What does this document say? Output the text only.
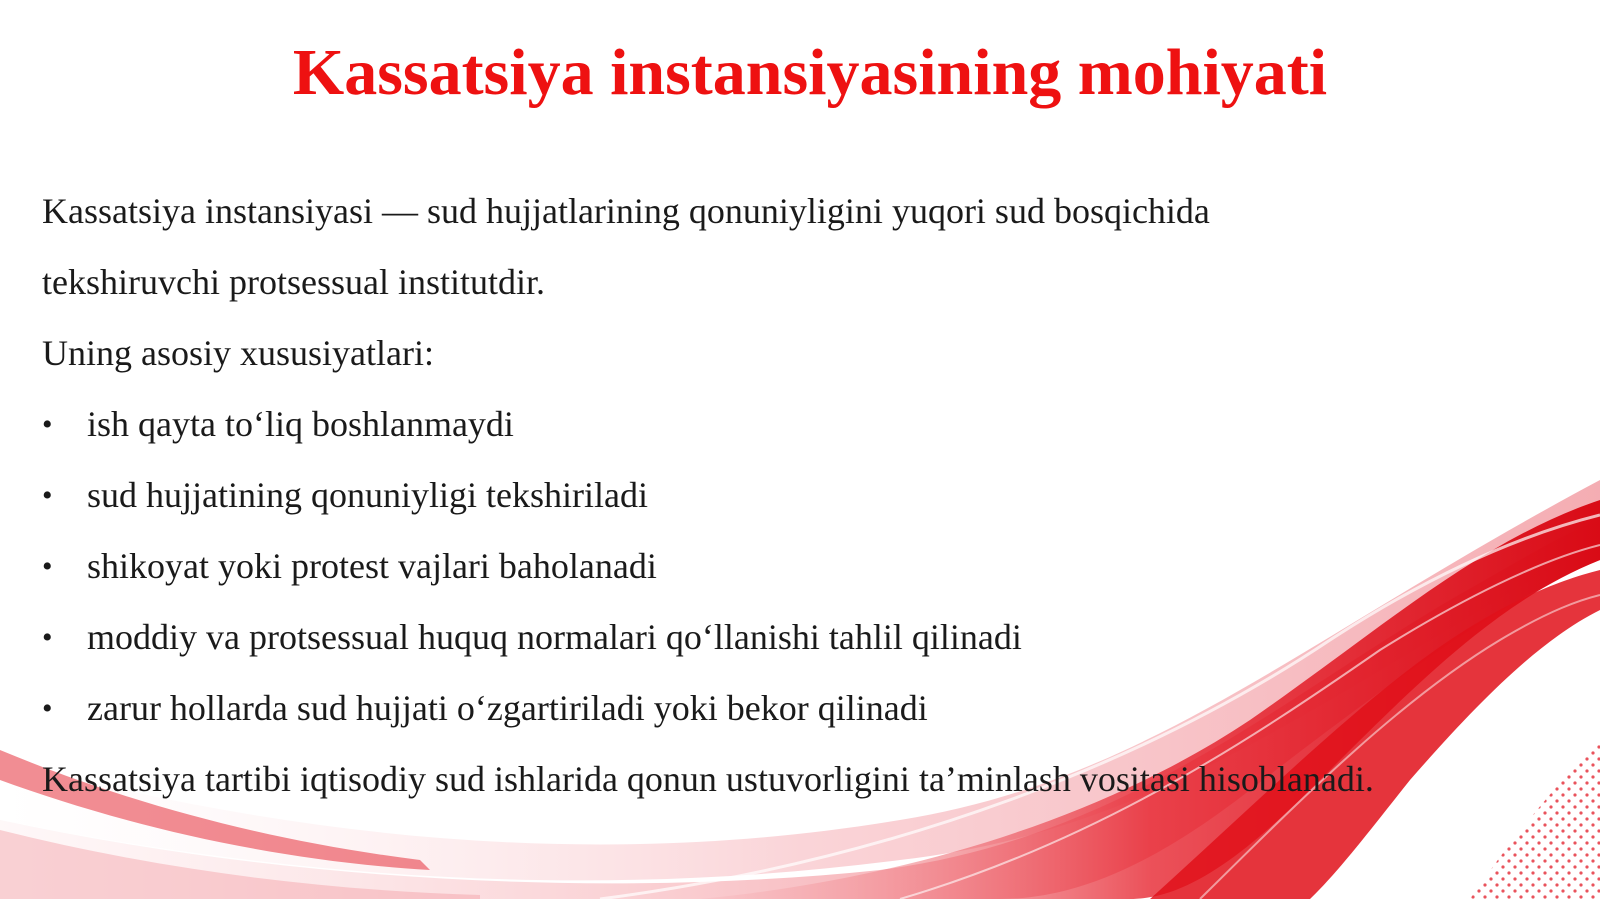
Kassatsiya instansiyasining mohiyati

Kassatsiya instansiyasi — sud hujjatlarining qonuniyligini yuqori sud bosqichida

tekshiruvchi protsessual institutdir.

Uning asosiy xususiyatlari:

• ish qayta to‘liq boshlanmaydi
• sud hujjatining qonuniyligi tekshiriladi
• shikoyat yoki protest vajlari baholanadi
• moddiy va protsessual huquq normalari qo‘llanishi tahlil qilinadi
• zarur hollarda sud hujjati o‘zgartiriladi yoki bekor qilinadi

Kassatsiya tartibi iqtisodiy sud ishlarida qonun ustuvorligini ta’minlash vositasi hisoblanadi.
